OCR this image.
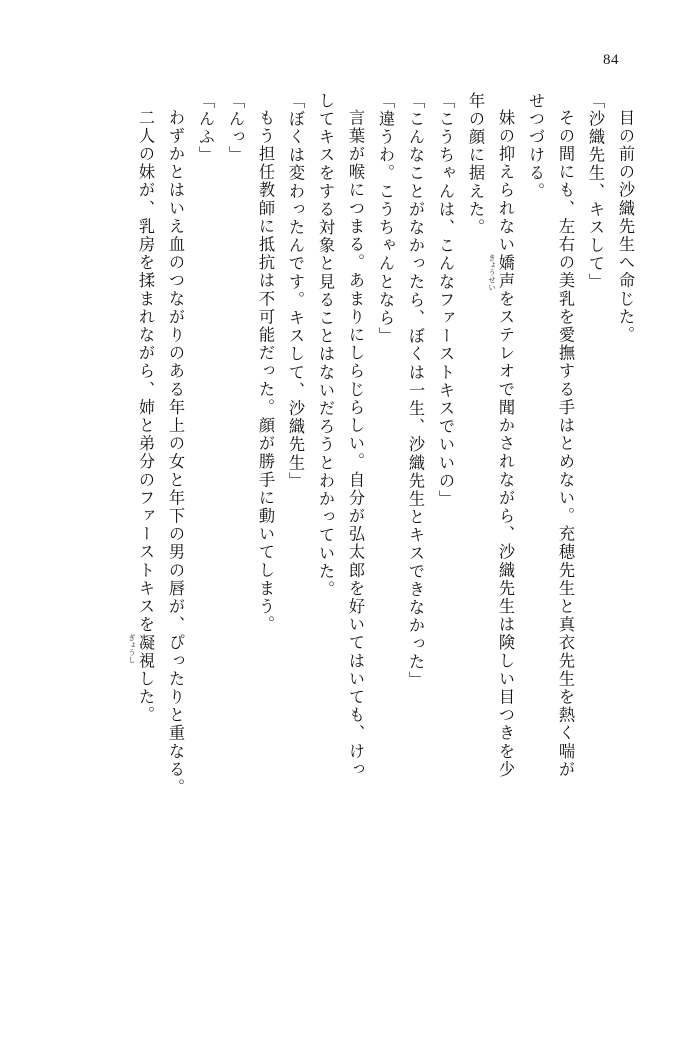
84
目の前の沙織先生へ命じた。
「沙織先生、キスして」
その間にも、左右の美乳を愛撫する手はとめない。充穂先生と真衣先生を熱く喘が
せつづける。
妹の抑えられない嬌声
きょうせい
をステレオで聞かされながら、沙織先生は険しい目つきを少
年の顔に据えた。
「こうちゃんは、こんなファーストキスでいいの」
「こんなことがなかったら、ぼくは一生、沙織先生とキスできなかった」
「違うわ。こうちゃんとなら」
言葉が喉につまる。あまりにしらじらしい。自分が弘太郎を好いてはいても、けっ
してキスをする対象と見ることはないだろうとわかっていた。
「ぼくは変わったんです。キスして、沙織先生」
もう担任教師に抵抗は不可能だった。顔が勝手に動いてしまう。
「んっ」
「んふ」
わずかとはいえ血のつながりのある年上の女と年下の男の唇が、ぴったりと重なる。
二人の妹が、乳房を揉まれながら、姉と弟分のファーストキスを凝視
ぎょうし
した。
